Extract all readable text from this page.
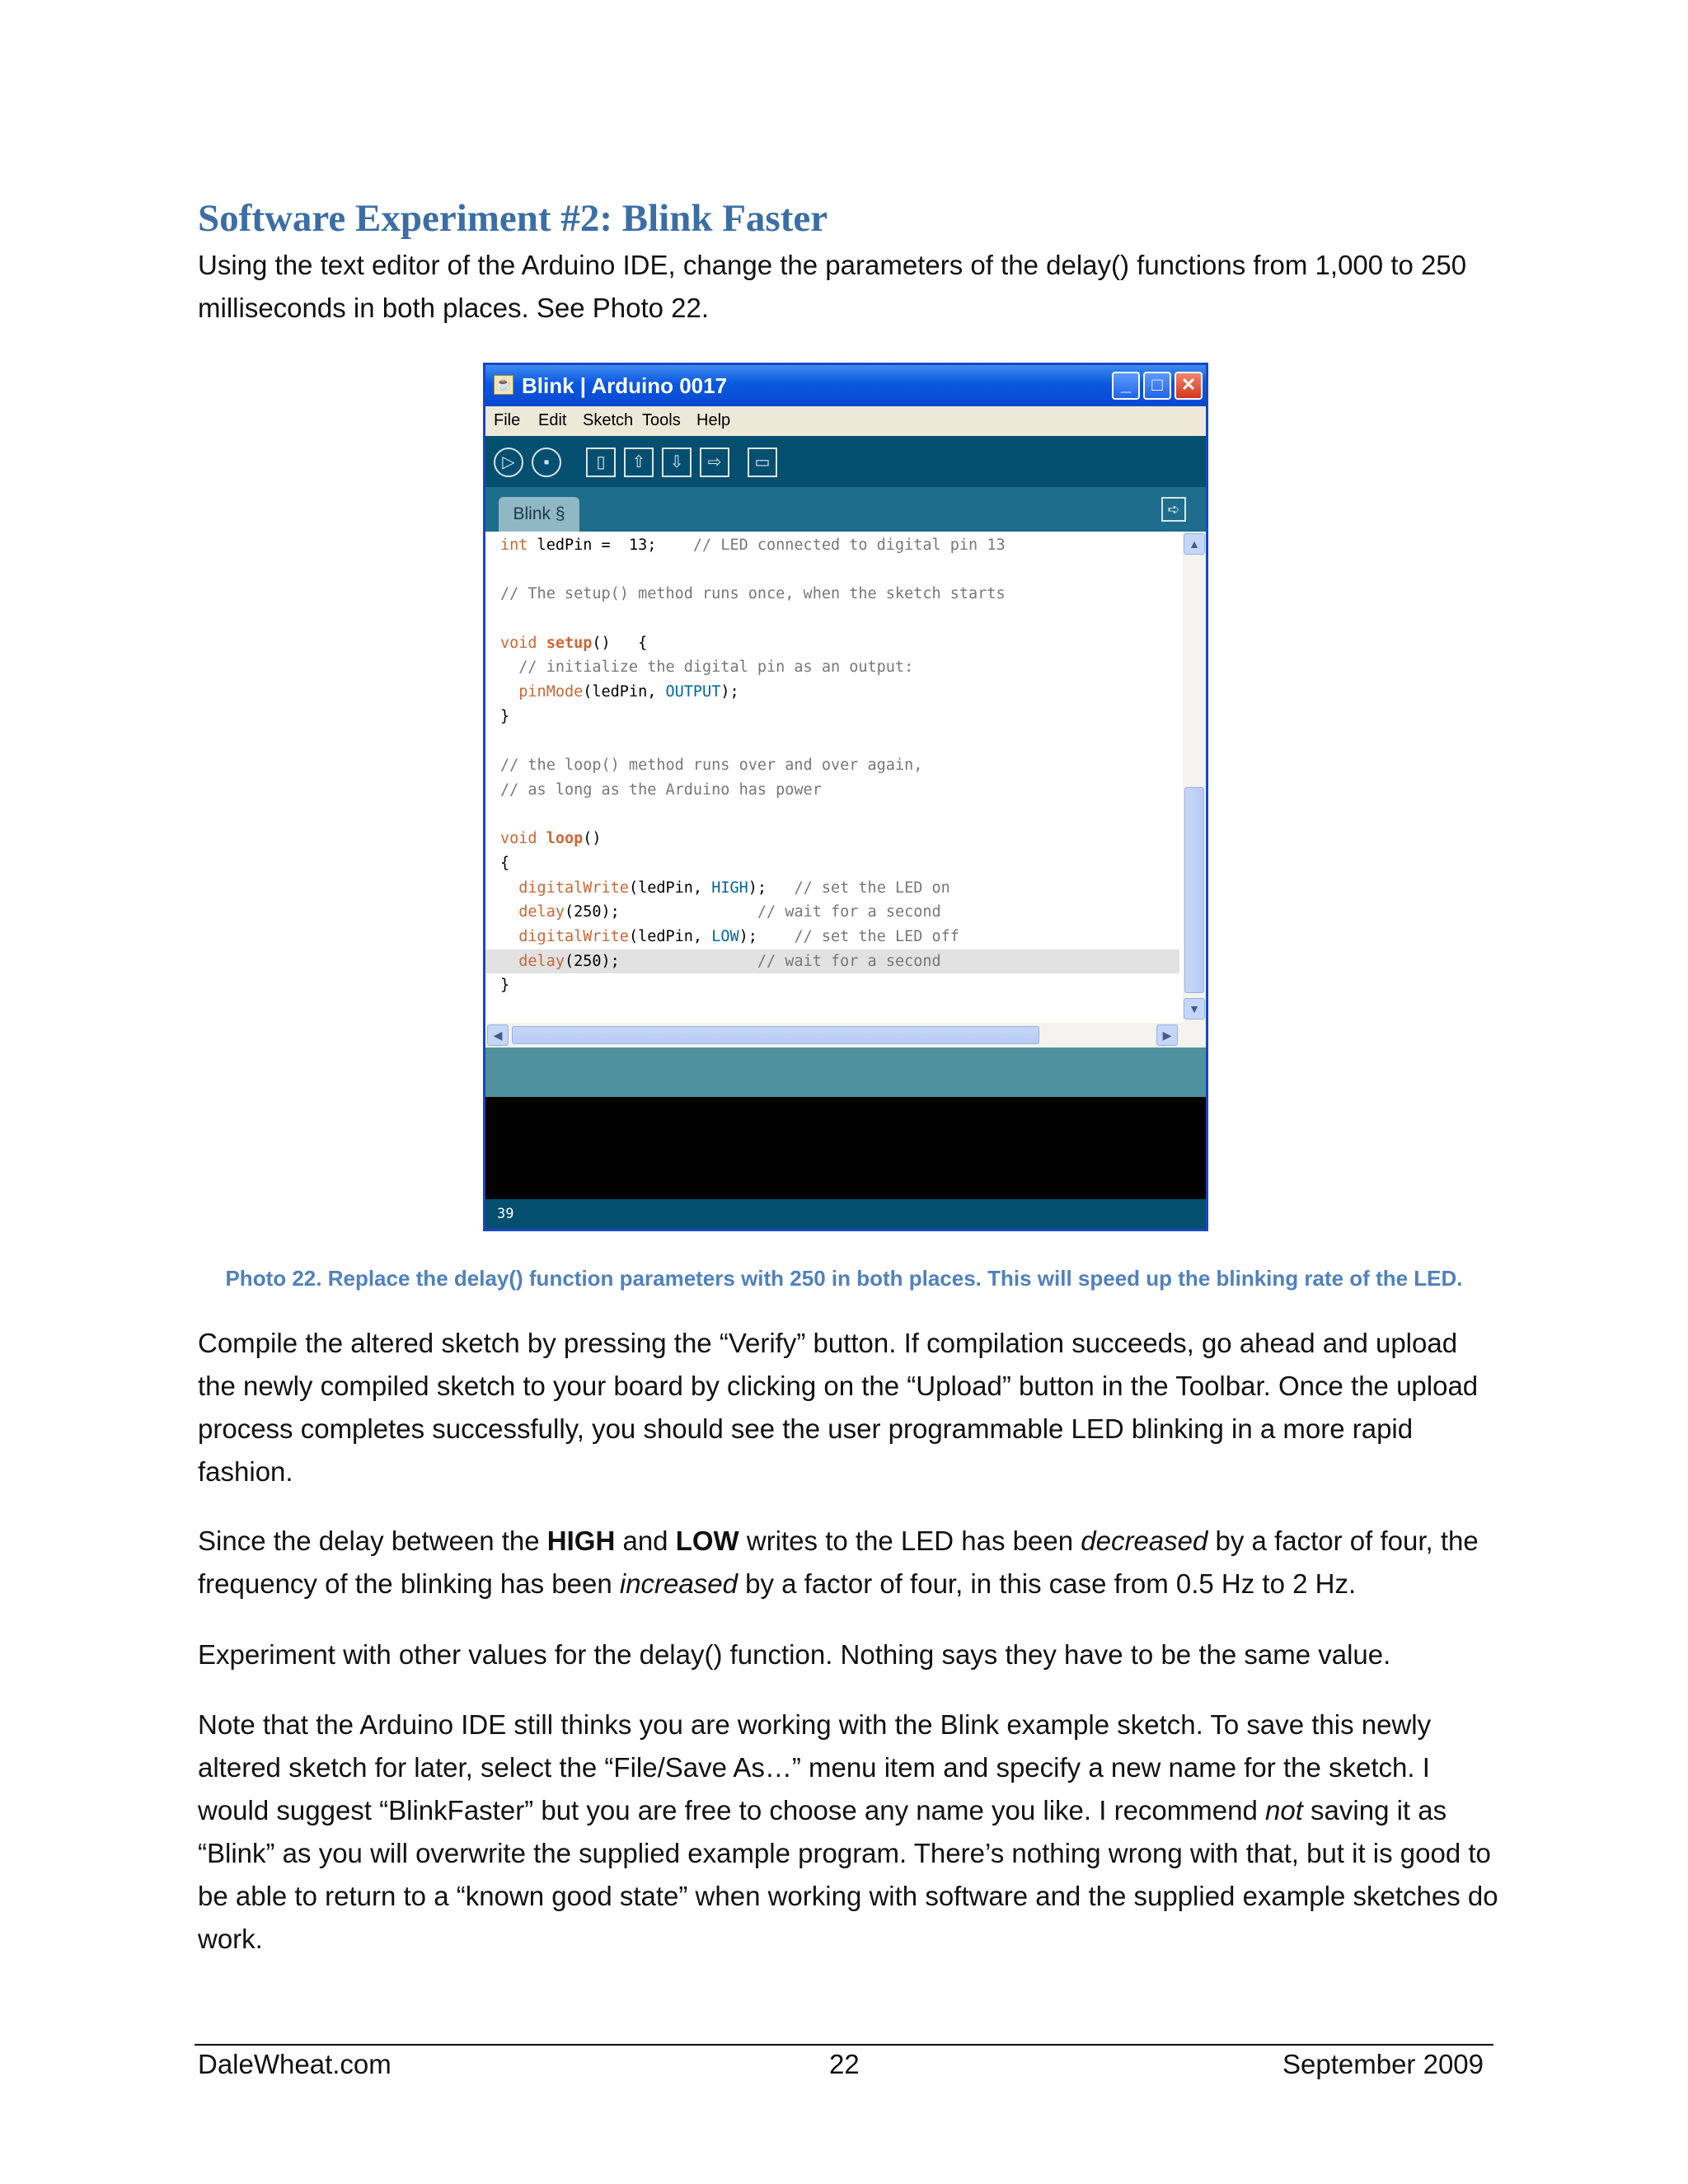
Software Experiment #2: Blink Faster

Using the text editor of the Arduino IDE, change the parameters of the delay() functions from 1,000 to 250 milliseconds in both places. See Photo 22.

☕ Blink | Arduino 0017	_	□	✕
File Edit Sketch Tools Help
▷	▪	▯	⇧	⇩	⇨	▭
Blink §	➪
int ledPin =  13;    // LED connected to digital pin 13
// The setup() method runs once, when the sketch starts
void setup()   {
// initialize the digital pin as an output:
pinMode(ledPin, OUTPUT);
}
// the loop() method runs over and over again,
// as long as the Arduino has power
void loop()
{
digitalWrite(ledPin, HIGH);   // set the LED on
delay(250);               // wait for a second
digitalWrite(ledPin, LOW);    // set the LED off
delay(250);               // wait for a second
}
▲
▼
◀	▶
39

Photo 22. Replace the delay() function parameters with 250 in both places. This will speed up the blinking rate of the LED.

Compile the altered sketch by pressing the “Verify” button. If compilation succeeds, go ahead and upload the newly compiled sketch to your board by clicking on the “Upload” button in the Toolbar. Once the upload process completes successfully, you should see the user programmable LED blinking in a more rapid fashion.

Since the delay between the HIGH and LOW writes to the LED has been decreased by a factor of four, the frequency of the blinking has been increased by a factor of four, in this case from 0.5 Hz to 2 Hz.

Experiment with other values for the delay() function. Nothing says they have to be the same value.

Note that the Arduino IDE still thinks you are working with the Blink example sketch. To save this newly altered sketch for later, select the “File/Save As…” menu item and specify a new name for the sketch. I would suggest “BlinkFaster” but you are free to choose any name you like. I recommend not saving it as “Blink” as you will overwrite the supplied example program. There’s nothing wrong with that, but it is good to be able to return to a “known good state” when working with software and the supplied example sketches do work.

DaleWheat.com	22	September 2009
